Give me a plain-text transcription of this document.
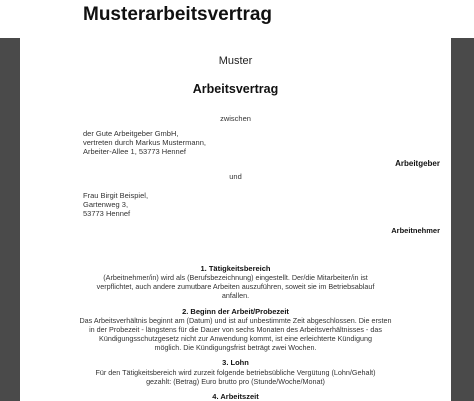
Musterarbeitsvertrag
Muster
Arbeitsvertrag
zwischen
der Gute Arbeitgeber GmbH,
vertreten durch Markus Mustermann,
Arbeiter-Allee 1, 53773 Hennef
Arbeitgeber
und
Frau Birgit Beispiel,
Gartenweg 3,
53773 Hennef
Arbeitnehmer
1. Tätigkeitsbereich
(Arbeitnehmer/in) wird als (Berufsbezeichnung) eingestellt. Der/die Mitarbeiter/in ist
verpflichtet, auch andere zumutbare Arbeiten auszuführen, soweit sie im Betriebsablauf
anfallen.
2. Beginn der Arbeit/Probezeit
Das Arbeitsverhältnis beginnt am (Datum) und ist auf unbestimmte Zeit abgeschlossen. Die ersten
in der Probezeit - längstens für die Dauer von sechs Monaten des Arbeitsverhältnisses - das
Kündigungsschutzgesetz nicht zur Anwendung kommt, ist eine erleichterte Kündigung
möglich. Die Kündigungsfrist beträgt zwei Wochen.
3. Lohn
Für den Tätigkeitsbereich wird zurzeit folgende betriebsübliche Vergütung (Lohn/Gehalt)
gezahlt: (Betrag) Euro brutto pro (Stunde/Woche/Monat)
4. Arbeitszeit
